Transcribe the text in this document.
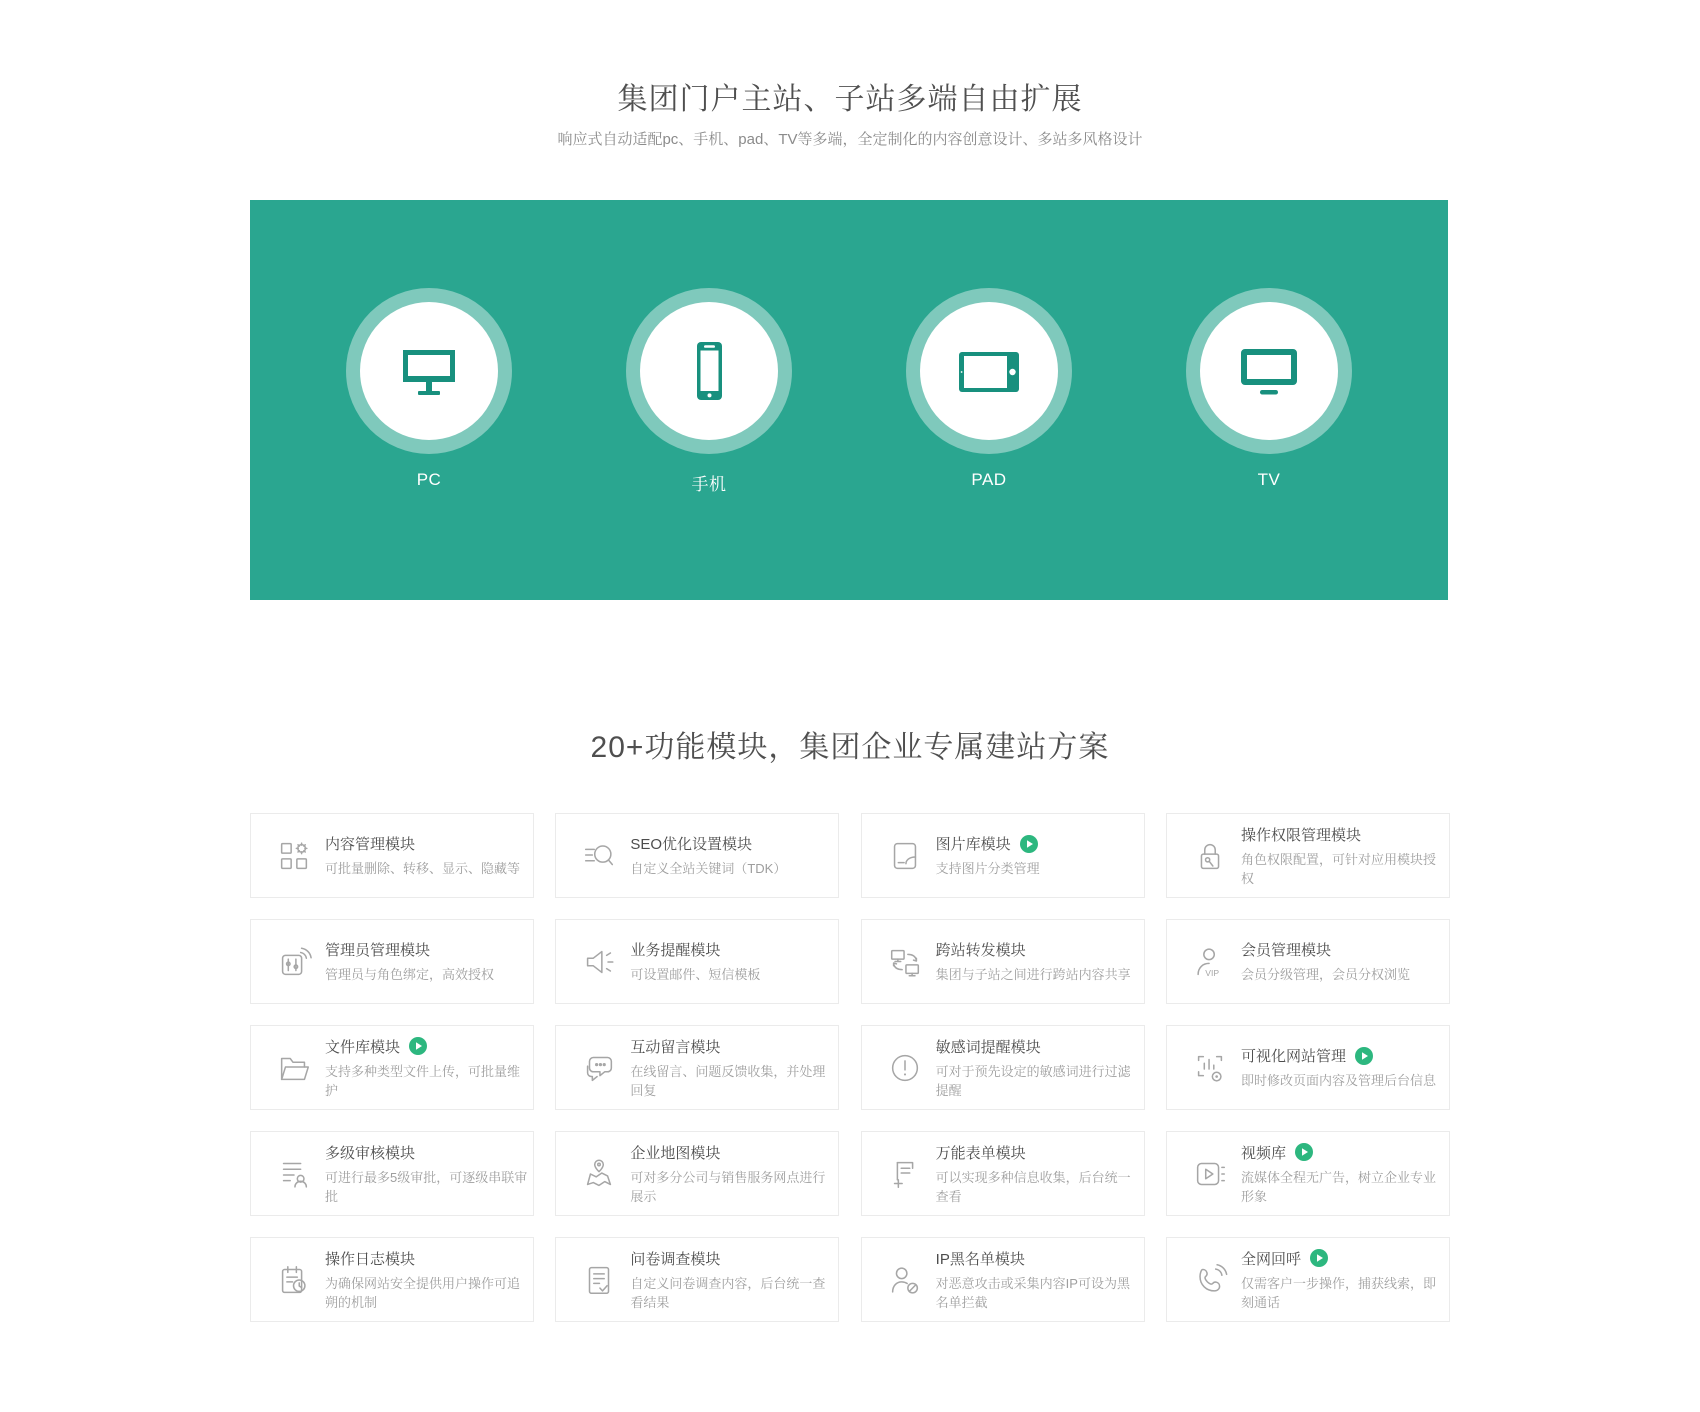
集团门户主站、子站多端自由扩展

响应式自动适配pc、手机、pad、TV等多端，全定制化的内容创意设计、多站多风格设计

PC	手机	PAD	TV
20+功能模块，集团企业专属建站方案
内容管理模块
可批量删除、转移、显示、隐藏等
SEO优化设置模块
自定义全站关键词（TDK）
图片库模块
支持图片分类管理
操作权限管理模块
角色权限配置，可针对应用模块授权
管理员管理模块
管理员与角色绑定，高效授权
业务提醒模块
可设置邮件、短信模板
跨站转发模块
集团与子站之间进行跨站内容共享	VIP
会员管理模块
会员分级管理，会员分权浏览
文件库模块
支持多种类型文件上传，可批量维护
互动留言模块
在线留言、问题反馈收集，并处理回复
敏感词提醒模块
可对于预先设定的敏感词进行过滤提醒
可视化网站管理
即时修改页面内容及管理后台信息
多级审核模块
可进行最多5级审批，可逐级串联审批
企业地图模块
可对多分公司与销售服务网点进行展示
万能表单模块
可以实现多种信息收集，后台统一查看
视频库
流媒体全程无广告，树立企业专业形象
操作日志模块
为确保网站安全提供用户操作可追朔的机制
问卷调查模块
自定义问卷调查内容，后台统一查看结果
IP黑名单模块
对恶意攻击或采集内容IP可设为黑名单拦截
全网回呼
仅需客户一步操作，捕获线索，即刻通话
